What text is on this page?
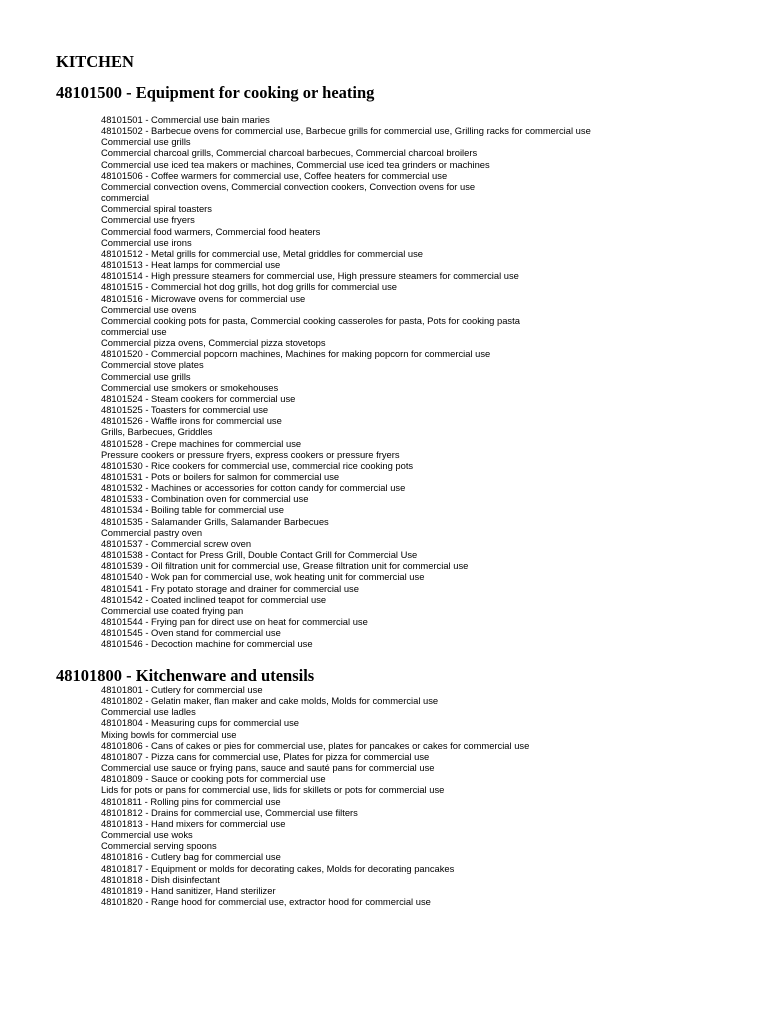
KITCHEN
48101500 - Equipment for cooking or heating
48101501 - Commercial use bain maries
48101502 - Barbecue ovens for commercial use, Barbecue grills for commercial use, Grilling racks for commercial use
Commercial use grills
Commercial charcoal grills, Commercial charcoal barbecues, Commercial charcoal broilers
Commercial use iced tea makers or machines, Commercial use iced tea grinders or machines
48101506 - Coffee warmers for commercial use, Coffee heaters for commercial use
Commercial convection ovens, Commercial convection cookers, Convection ovens for use
commercial
Commercial spiral toasters
Commercial use fryers
Commercial food warmers, Commercial food heaters
Commercial use irons
48101512 - Metal grills for commercial use, Metal griddles for commercial use
48101513 - Heat lamps for commercial use
48101514 - High pressure steamers for commercial use, High pressure steamers for commercial use
48101515 - Commercial hot dog grills, hot dog grills for commercial use
48101516 - Microwave ovens for commercial use
Commercial use ovens
Commercial cooking pots for pasta, Commercial cooking casseroles for pasta, Pots for cooking pasta
commercial use
Commercial pizza ovens, Commercial pizza stovetops
48101520 - Commercial popcorn machines, Machines for making popcorn for commercial use
Commercial stove plates
Commercial use grills
Commercial use smokers or smokehouses
48101524 - Steam cookers for commercial use
48101525 - Toasters for commercial use
48101526 - Waffle irons for commercial use
Grills, Barbecues, Griddles
48101528 - Crepe machines for commercial use
Pressure cookers or pressure fryers, express cookers or pressure fryers
48101530 - Rice cookers for commercial use, commercial rice cooking pots
48101531 - Pots or boilers for salmon for commercial use
48101532 - Machines or accessories for cotton candy for commercial use
48101533 - Combination oven for commercial use
48101534 - Boiling table for commercial use
48101535 - Salamander Grills, Salamander Barbecues
Commercial pastry oven
48101537 - Commercial screw oven
48101538 - Contact for Press Grill, Double Contact Grill for Commercial Use
48101539 - Oil filtration unit for commercial use, Grease filtration unit for commercial use
48101540 - Wok pan for commercial use, wok heating unit for commercial use
48101541 - Fry potato storage and drainer for commercial use
48101542 - Coated inclined teapot for commercial use
Commercial use coated frying pan
48101544 - Frying pan for direct use on heat for commercial use
48101545 - Oven stand for commercial use
48101546 - Decoction machine for commercial use
48101800 - Kitchenware and utensils
48101801 - Cutlery for commercial use
48101802 - Gelatin maker, flan maker and cake molds, Molds for commercial use
Commercial use ladles
48101804 - Measuring cups for commercial use
Mixing bowls for commercial use
48101806 - Cans of cakes or pies for commercial use, plates for pancakes or cakes for commercial use
48101807 - Pizza cans for commercial use, Plates for pizza for commercial use
Commercial use sauce or frying pans, sauce and sauté pans for commercial use
48101809 - Sauce or cooking pots for commercial use
Lids for pots or pans for commercial use, lids for skillets or pots for commercial use
48101811 - Rolling pins for commercial use
48101812 - Drains for commercial use, Commercial use filters
48101813 - Hand mixers for commercial use
Commercial use woks
Commercial serving spoons
48101816 - Cutlery bag for commercial use
48101817 - Equipment or molds for decorating cakes, Molds for decorating pancakes
48101818 - Dish disinfectant
48101819 - Hand sanitizer, Hand sterilizer
48101820 - Range hood for commercial use, extractor hood for commercial use
